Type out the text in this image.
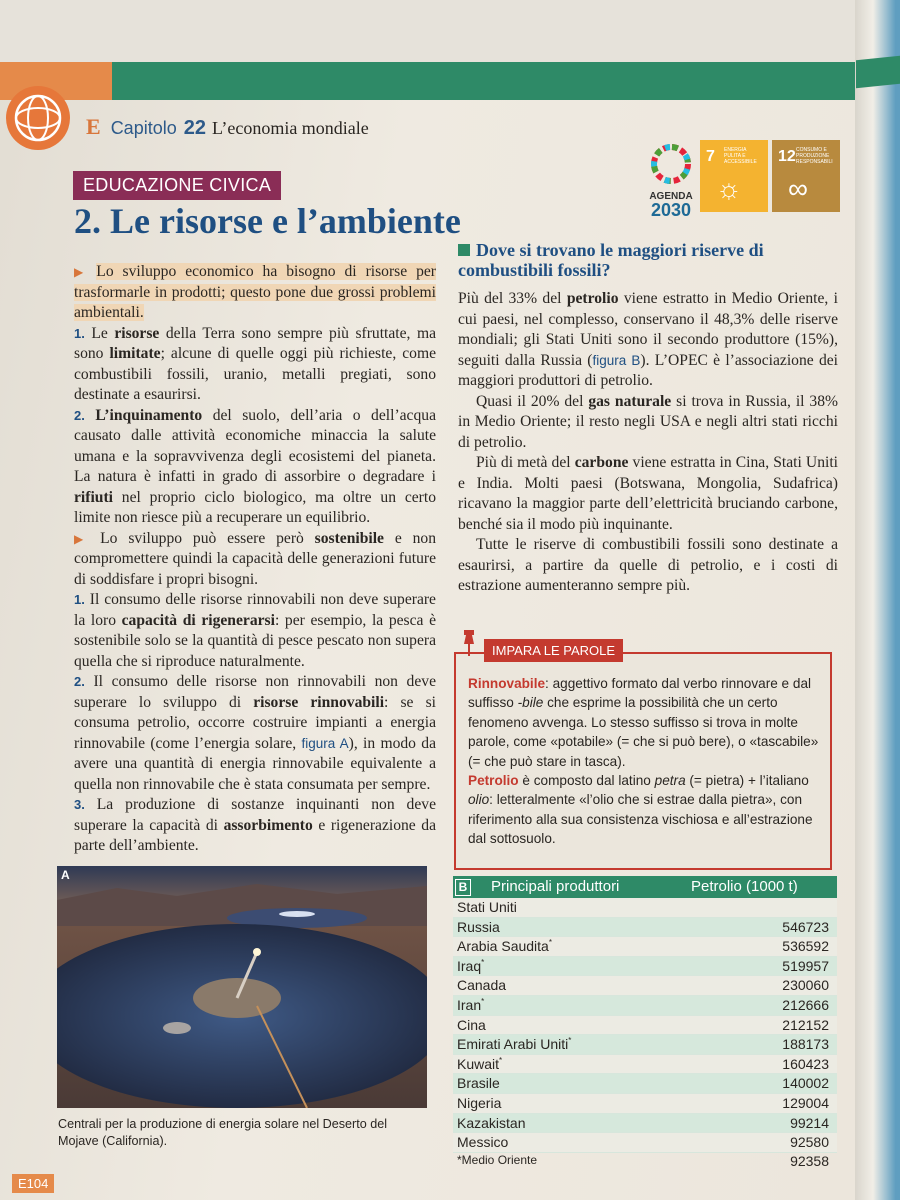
E Capitolo 22 L’economia mondiale
EDUCAZIONE CIVICA
2. Le risorse e l’ambiente
AGENDA
2030
7 ENERGIA PULITA E ACCESSIBILE
☼
12 CONSUMO E PRODUZIONE RESPONSABILI
∞

▶ Lo sviluppo economico ha bisogno di risorse per trasformarle in prodotti; questo pone due grossi problemi ambientali.

1. Le risorse della Terra sono sempre più sfruttate, ma sono limitate; alcune di quelle oggi più richieste, come combustibili fossili, uranio, metalli pregiati, sono destinate a esaurirsi.

2. L’inquinamento del suolo, dell’aria o dell’acqua causato dalle attività economiche minaccia la salute umana e la sopravvivenza degli ecosistemi del pianeta. La natura è infatti in grado di assorbire o degradare i rifiuti nel proprio ciclo biologico, ma oltre un certo limite non riesce più a recuperare un equilibrio.

▶ Lo sviluppo può essere però sostenibile e non compromettere quindi la capacità delle generazioni future di soddisfare i propri bisogni.

1. Il consumo delle risorse rinnovabili non deve superare la loro capacità di rigenerarsi: per esempio, la pesca è sostenibile solo se la quantità di pesce pescato non supera quella che si riproduce naturalmente.

2. Il consumo delle risorse non rinnovabili non deve superare lo sviluppo di risorse rinnovabili: se si consuma petrolio, occorre costruire impianti a energia rinnovabile (come l’energia solare, figura A), in modo da avere una quantità di energia rinnovabile equivalente a quella non rinnovabile che è stata consumata per sempre.

3. La produzione di sostanze inquinanti non deve superare la capacità di assorbimento e rigenerazione da parte dell’ambiente.

Dove si trovano le maggiori riserve di combustibili fossili?

Più del 33% del petrolio viene estratto in Medio Oriente, i cui paesi, nel complesso, conservano il 48,3% delle riserve mondiali; gli Stati Uniti sono il secondo produttore (15%), seguiti dalla Russia (figura B). L’OPEC è l’associazione dei maggiori produttori di petrolio.

Quasi il 20% del gas naturale si trova in Russia, il 38% in Medio Oriente; il resto negli USA e negli altri stati ricchi di petrolio.

Più di metà del carbone viene estratta in Cina, Stati Uniti e India. Molti paesi (Botswana, Mongolia, Sudafrica) ricavano la maggior parte dell’elettricità bruciando carbone, benché sia il modo più inquinante.

Tutte le riserve di combustibili fossili sono destinate a esaurirsi, a partire da quelle di petrolio, e i costi di estrazione aumenteranno sempre più.

IMPARA LE PAROLE
Rinnovabile: aggettivo formato dal verbo rinnovare e dal suffisso -bile che esprime la possibilità che un certo fenomeno avvenga. Lo stesso suffisso si trova in molte parole, come «potabile» (= che si può bere), o «tascabile» (= che può stare in tasca).
Petrolio è composto dal latino petra (= pietra) + l’italiano olio: letteralmente «l’olio che si estrae dalla pietra», con riferimento alla sua consistenza vischiosa e all’estrazione dal sottosuolo.
A
Centrali per la produzione di energia solare nel Deserto del Mojave (California).
B Principali produttori	Petrolio (1000 t)
Stati Uniti
Russia	546723
Arabia Saudita*	536592
Iraq*	519957
Canada	230060
Iran*	212666
Cina	212152
Emirati Arabi Uniti*	188173
Kuwait*	160423
Brasile	140002
Nigeria	129004
Kazakistan	99214
Messico	92580
*Medio Oriente	92358
E104
